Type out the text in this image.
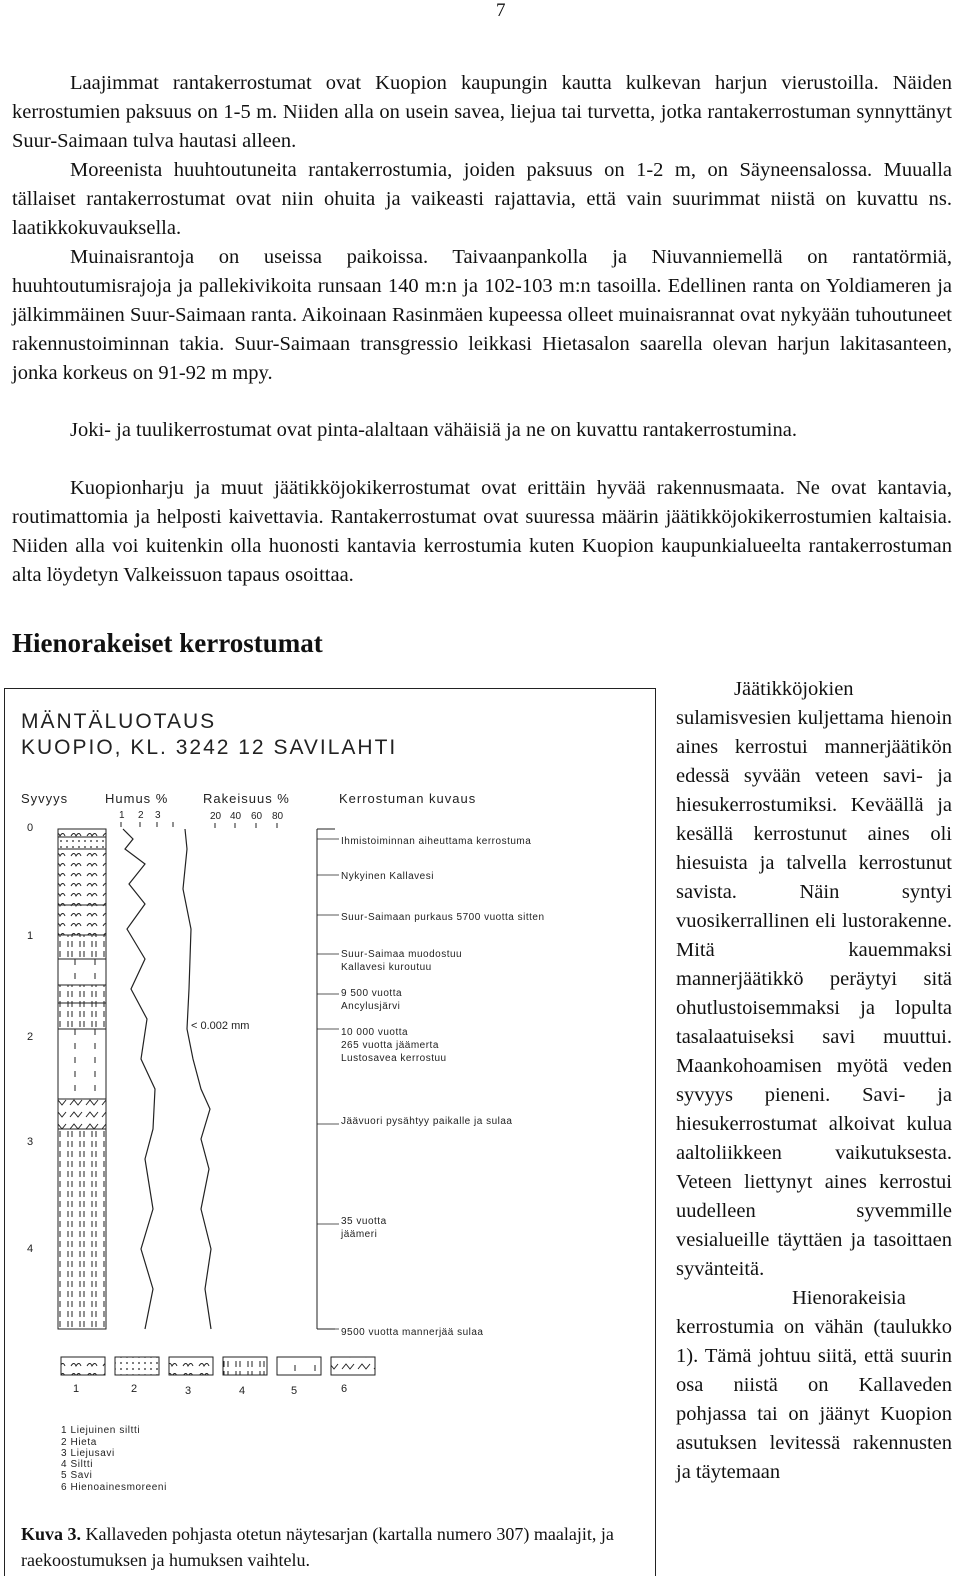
7

Laajimmat rantakerrostumat ovat Kuopion kaupungin kautta kulkevan harjun vierustoilla. Näiden kerrostumien paksuus on 1-5 m. Niiden alla on usein savea, liejua tai turvetta, jotka rantakerrostuman synnyttänyt Suur-Saimaan tulva hautasi alleen.

Moreenista huuhtoutuneita rantakerrostumia, joiden paksuus on 1-2 m, on Säyneensalossa. Muualla tällaiset rantakerrostumat ovat niin ohuita ja vaikeasti rajattavia, että vain suurimmat niistä on kuvattu ns. laatikkokuvauksella.

Muinaisrantoja on useissa paikoissa. Taivaanpankolla ja Niuvanniemellä on rantatörmiä, huuhtoutumisrajoja ja pallekivikoita runsaan 140 m:n ja 102-103 m:n tasoilla. Edellinen ranta on Yoldiameren ja jälkimmäinen Suur-Saimaan ranta. Aikoinaan Rasinmäen kupeessa olleet muinaisrannat ovat nykyään tuhoutuneet rakennustoiminnan takia. Suur-Saimaan transgressio leikkasi Hietasalon saarella olevan harjun lakitasanteen, jonka korkeus on 91-92 m mpy.

Joki- ja tuulikerrostumat ovat pinta-alaltaan vähäisiä ja ne on kuvattu rantakerrostumina.

Kuopionharju ja muut jäätikköjokikerrostumat ovat erittäin hyvää rakennusmaata. Ne ovat kantavia, routimattomia ja helposti kaivettavia. Rantakerrostumat ovat suuressa määrin jäätikköjokikerrostumien kaltaisia. Niiden alla voi kuitenkin olla huonosti kantavia kerrostumia kuten Kuopion kaupunkialueelta rantakerrostuman alta löydetyn Valkeissuon tapaus osoittaa.

Hienorakeiset kerrostumat
MÄNTÄLUOTAUS
KUOPIO, KL. 3242 12 SAVILAHTI
Syvyys	Humus %	Rakeisuus %	Kerrostuman kuvaus
1 2 3	20 40 60 80
0
1
2
3
4
< 0.002 mm
Ihmistoiminnan aiheuttama kerrostuma
Nykyinen Kallavesi
Suur-Saimaan purkaus 5700 vuotta sitten
Suur-Saimaa muodostuu
Kallavesi kuroutuu
9 500 vuotta
Ancylusjärvi
10 000 vuotta
265 vuotta jäämerta
Lustosavea kerrostuu
Jäävuori pysähtyy paikalle ja sulaa
35 vuotta
jäämeri
9500 vuotta mannerjää sulaa
1	2	3	4	5	6
1 Liejuinen siltti
2 Hieta
3 Liejusavi
4 Siltti
5 Savi
6 Hienoainesmoreeni

Kuva 3. Kallaveden pohjasta otetun näytesarjan (kartalla numero 307) maalajit, ja raekoostumuksen ja humuksen vaihtelu.

Jäätikköjokien sulamisvesien kuljettama hienoin aines kerrostui mannerjäätikön edessä syvään veteen savi- ja hiesukerrostumiksi. Keväällä ja kesällä kerrostunut aines oli hiesuista ja talvella kerrostunut savista. Näin syntyi vuosikerrallinen eli lustorakenne. Mitä kauemmaksi mannerjäätikkö peräytyi sitä ohutlustoisemmaksi ja lopulta tasalaatuiseksi savi muuttui. Maankohoamisen myötä veden syvyys pieneni. Savi- ja hiesukerrostumat alkoivat kulua aaltoliikkeen vaikutuksesta. Veteen liettynyt aines kerrostui uudelleen syvemmille vesialueille täyttäen ja tasoittaen syvänteitä.
Hienorakeisia kerrostumia on vähän (taulukko 1). Tämä johtuu siitä, että suurin osa niistä on Kallaveden pohjassa tai on jäänyt Kuopion asutuksen levitessä rakennusten ja täytemaan
